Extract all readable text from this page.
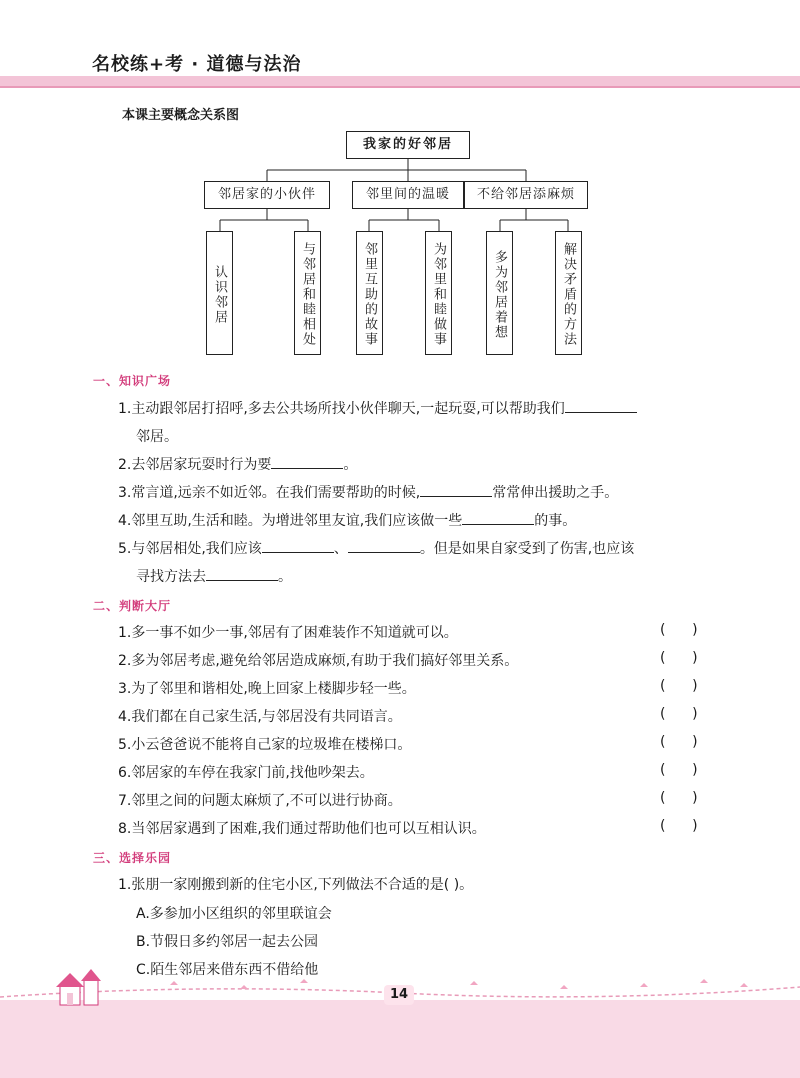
名校练+考 · 道德与法治
本课主要概念关系图
我家的好邻居
邻居家的小伙伴	邻里间的温暖	不给邻居添麻烦
认识邻居	与邻居和睦相处	邻里互助的故事	为邻里和睦做事	多为邻居着想	解决矛盾的方法
一、知识广场
1.主动跟邻居打招呼,多去公共场所找小伙伴聊天,一起玩耍,可以帮助我们
邻居。
2.去邻居家玩耍时行为要	。
3.常言道,远亲不如近邻。在我们需要帮助的时候,	常常伸出援助之手。
4.邻里互助,生活和睦。为增进邻里友谊,我们应该做一些	的事。
5.与邻居相处,我们应该	、	。但是如果自家受到了伤害,也应该
寻找方法去	。
二、判断大厅
1.多一事不如少一事,邻居有了困难装作不知道就可以。	(      )
2.多为邻居考虑,避免给邻居造成麻烦,有助于我们搞好邻里关系。	(      )
3.为了邻里和谐相处,晚上回家上楼脚步轻一些。	(      )
4.我们都在自己家生活,与邻居没有共同语言。	(      )
5.小云爸爸说不能将自己家的垃圾堆在楼梯口。	(      )
6.邻居家的车停在我家门前,找他吵架去。	(      )
7.邻里之间的问题太麻烦了,不可以进行协商。	(      )
8.当邻居家遇到了困难,我们通过帮助他们也可以互相认识。	(      )
三、选择乐园
1.张朋一家刚搬到新的住宅小区,下列做法不合适的是( )。
A.多参加小区组织的邻里联谊会
B.节假日多约邻居一起去公园
C.陌生邻居来借东西不借给他
14
